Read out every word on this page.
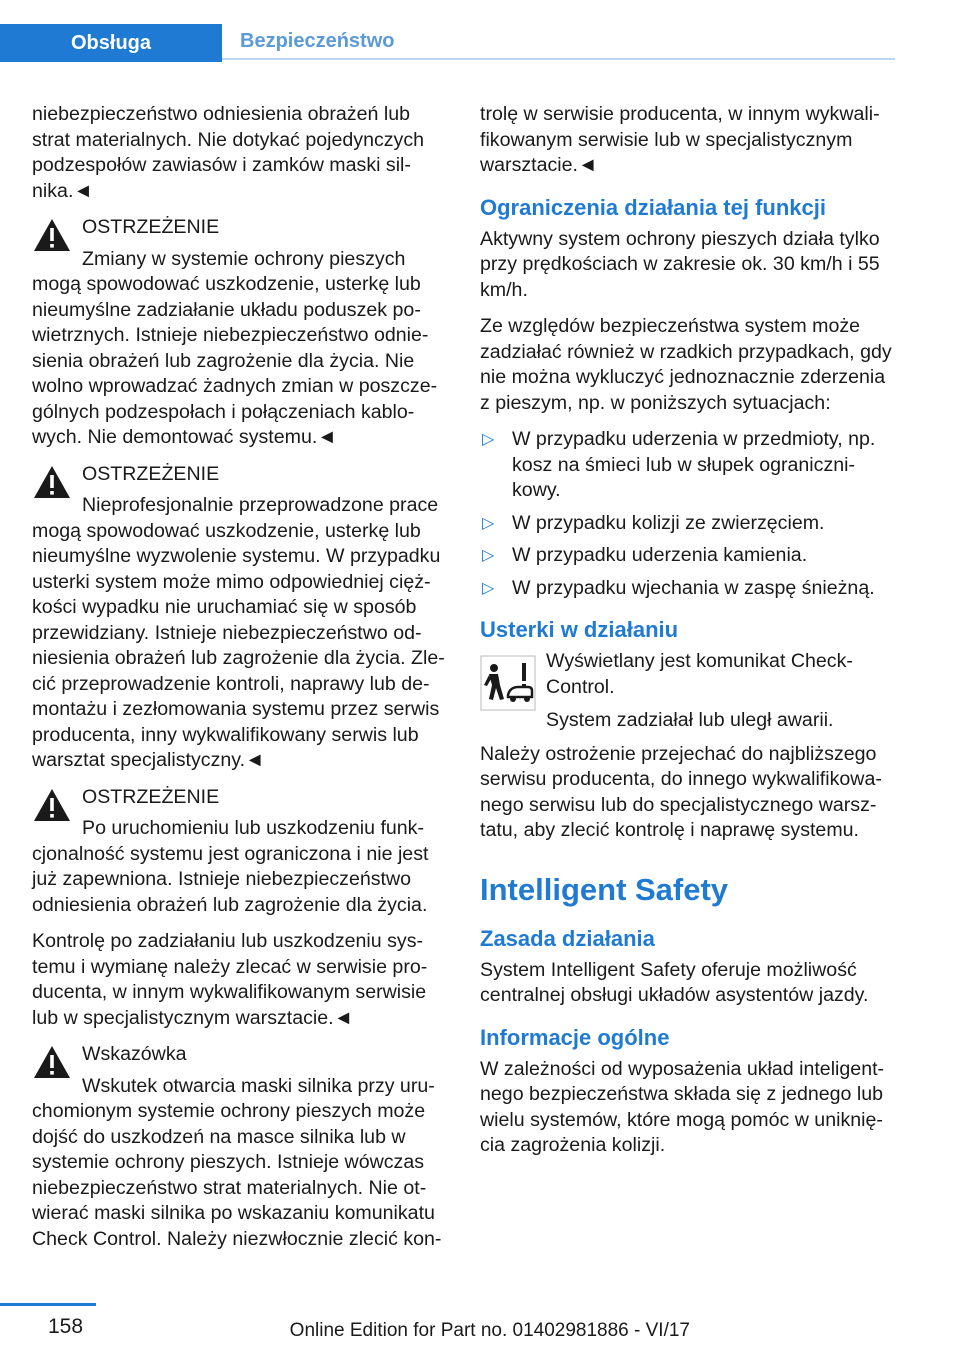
Obsługa	Bezpieczeństwo

niebezpieczeństwo odniesienia obrażeń lub strat materialnych. Nie dotykać pojedynczych podzespołów zawiasów i zamków maski sil-nika.◄

OSTRZEŻENIE
Zmiany w systemie ochrony pieszych
mogą spowodować uszkodzenie, usterkę lub nieumyślne zadziałanie układu poduszek po-wietrznych. Istnieje niebezpieczeństwo odnie-sienia obrażeń lub zagrożenie dla życia. Nie wolno wprowadzać żadnych zmian w poszcze-gólnych podzespołach i połączeniach kablo-wych. Nie demontować systemu.◄
OSTRZEŻENIE
Nieprofesjonalnie przeprowadzone prace
mogą spowodować uszkodzenie, usterkę lub nieumyślne wyzwolenie systemu. W przypadku usterki system może mimo odpowiedniej cięż-kości wypadku nie uruchamiać się w sposób przewidziany. Istnieje niebezpieczeństwo od-niesienia obrażeń lub zagrożenie dla życia. Zle-cić przeprowadzenie kontroli, naprawy lub de-montażu i zezłomowania systemu przez serwis producenta, inny wykwalifikowany serwis lub warsztat specjalistyczny.◄
OSTRZEŻENIE
Po uruchomieniu lub uszkodzeniu funk-
cjonalność systemu jest ograniczona i nie jest już zapewniona. Istnieje niebezpieczeństwo odniesienia obrażeń lub zagrożenie dla życia.

Kontrolę po zadziałaniu lub uszkodzeniu sys-temu i wymianę należy zlecać w serwisie pro-ducenta, w innym wykwalifikowanym serwisie lub w specjalistycznym warsztacie.◄

Wskazówka
Wskutek otwarcia maski silnika przy uru-
chomionym systemie ochrony pieszych może dojść do uszkodzeń na masce silnika lub w systemie ochrony pieszych. Istnieje wówczas niebezpieczeństwo strat materialnych. Nie ot-wierać maski silnika po wskazaniu komunikatu Check Control. Należy niezwłocznie zlecić kon-

trolę w serwisie producenta, w innym wykwali-fikowanym serwisie lub w specjalistycznym warsztacie.◄

Ograniczenia działania tej funkcji

Aktywny system ochrony pieszych działa tylko przy prędkościach w zakresie ok. 30 km/h i 55 km/h.

Ze względów bezpieczeństwa system może zadziałać również w rzadkich przypadkach, gdy nie można wykluczyć jednoznacznie zderzenia z pieszym, np. w poniższych sytuacjach:

▷ W przypadku uderzenia w przedmioty, np. kosz na śmieci lub w słupek ograniczni-kowy.
▷ W przypadku kolizji ze zwierzęciem.
▷ W przypadku uderzenia kamienia.
▷ W przypadku wjechania w zaspę śnieżną.
Usterki w działaniu

Wyświetlany jest komunikat Check-Control.

System zadziałał lub uległ awarii.

Należy ostrożenie przejechać do najbliższego serwisu producenta, do innego wykwalifikowa-nego serwisu lub do specjalistycznego warsz-tatu, aby zlecić kontrolę i naprawę systemu.

Intelligent Safety
Zasada działania

System Intelligent Safety oferuje możliwość centralnej obsługi układów asystentów jazdy.

Informacje ogólne

W zależności od wyposażenia układ inteligent-nego bezpieczeństwa składa się z jednego lub wielu systemów, które mogą pomóc w uniknię-cia zagrożenia kolizji.

158	Online Edition for Part no. 01402981886 - VI/17
